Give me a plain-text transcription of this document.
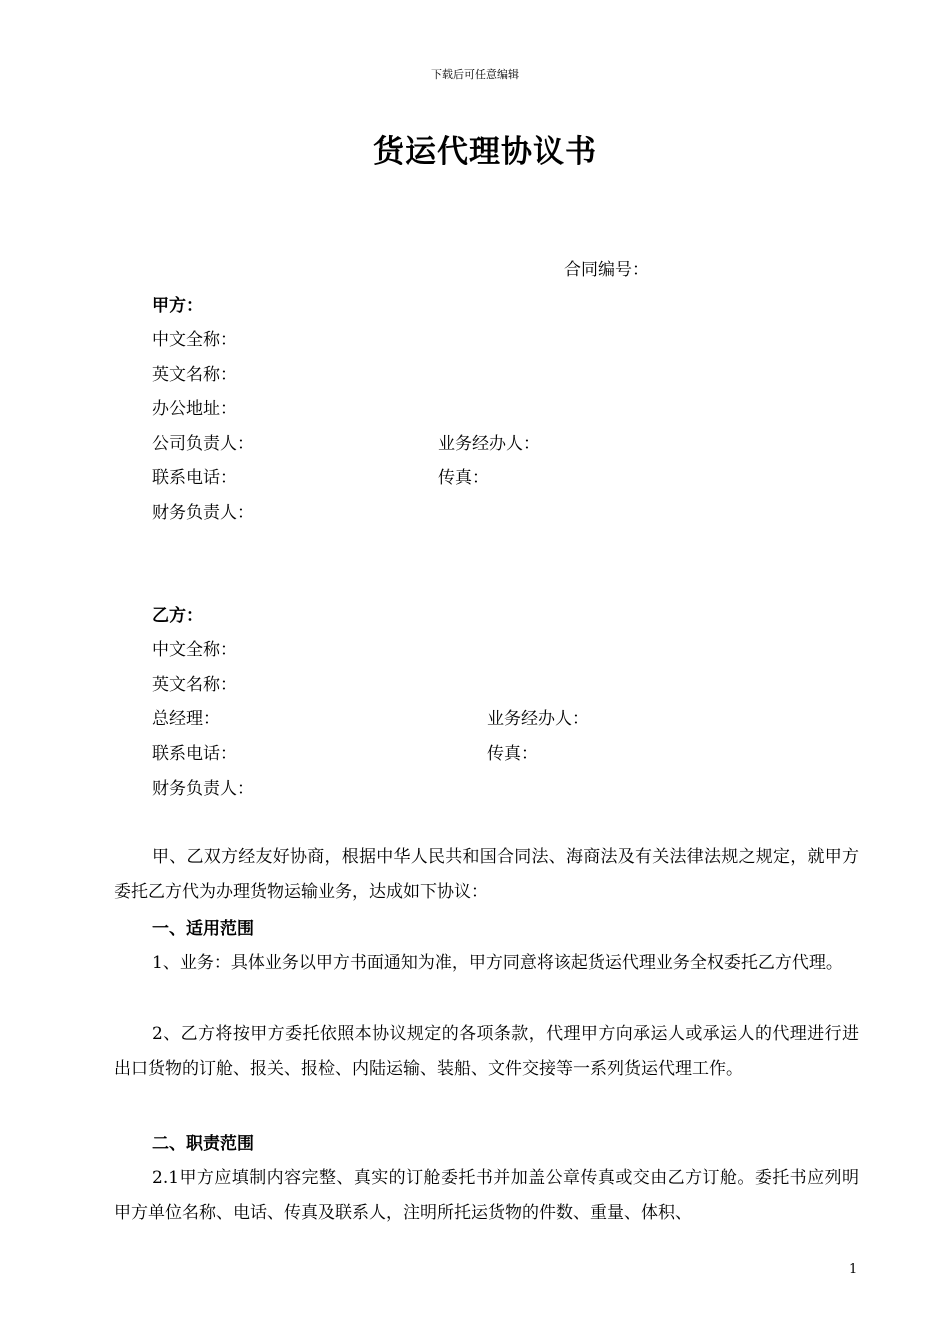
下载后可任意编辑
货运代理协议书
合同编号：
甲方：
中文全称：
英文名称：
办公地址：
公司负责人：	业务经办人：
联系电话：	传真：
财务负责人：
乙方：
中文全称：
英文名称：
总经理：	业务经办人：
联系电话：	传真：
财务负责人：
甲、乙双方经友好协商，根据中华人民共和国合同法、海商法及有关法律法规之规定，就甲方委托乙方代为办理货物运输业务，达成如下协议：
一、适用范围
1、业务：具体业务以甲方书面通知为准，甲方同意将该起货运代理业务全权委托乙方代理。
2、乙方将按甲方委托依照本协议规定的各项条款，代理甲方向承运人或承运人的代理进行进出口货物的订舱、报关、报检、内陆运输、装船、文件交接等一系列货运代理工作。
二、职责范围
2.1甲方应填制内容完整、真实的订舱委托书并加盖公章传真或交由乙方订舱。委托书应列明甲方单位名称、电话、传真及联系人，注明所托运货物的件数、重量、体积、
1
